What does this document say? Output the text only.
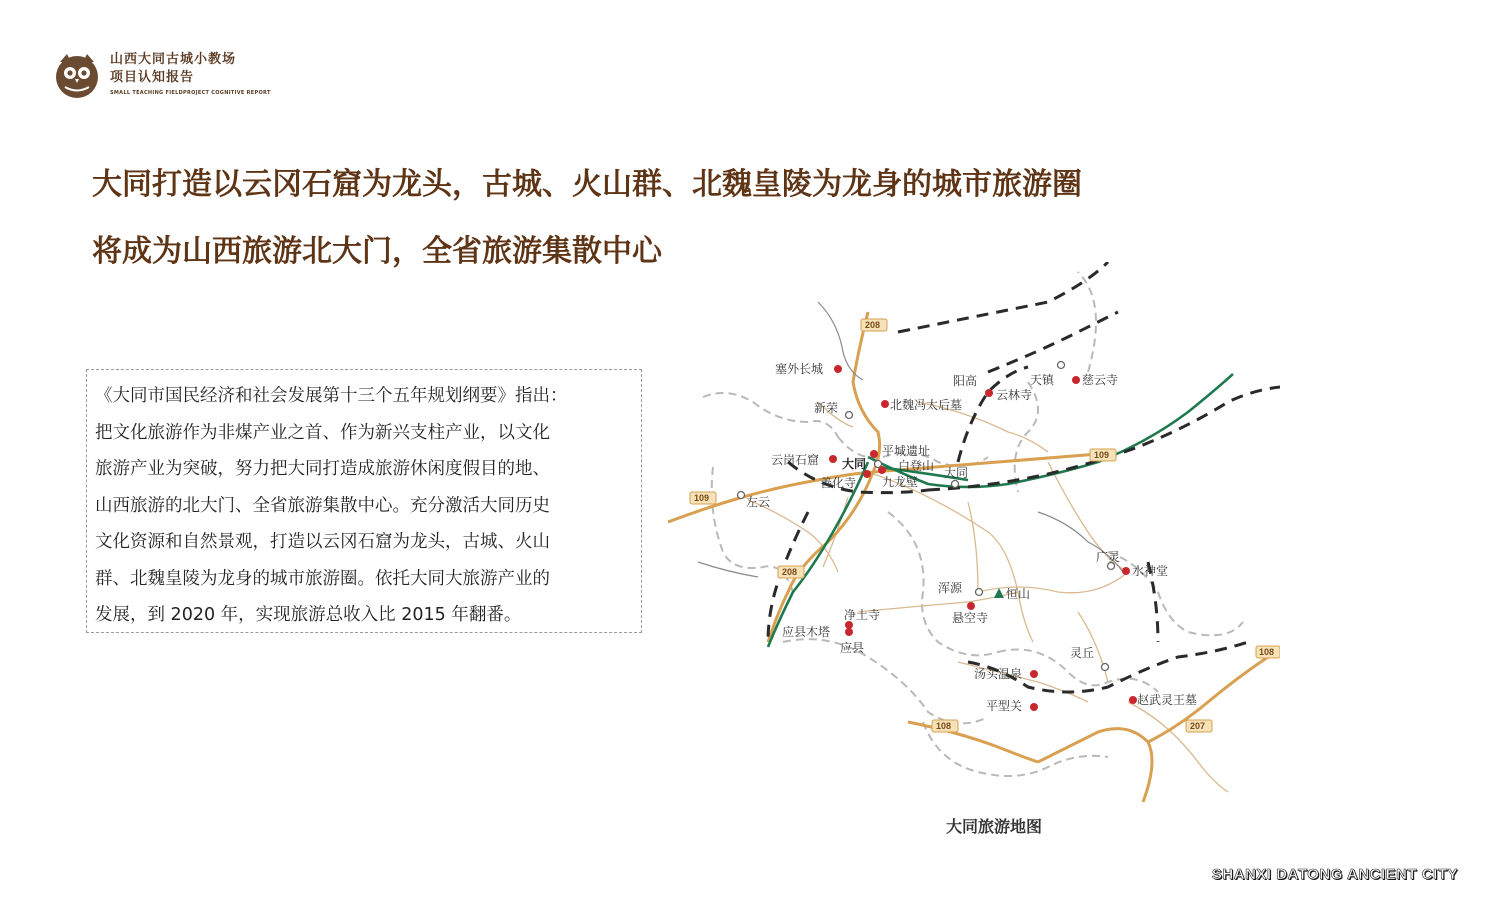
山西大同古城小教场
项目认知报告
SMALL TEACHING FIELDPROJECT COGNITIVE REPORT
大同打造以云冈石窟为龙头，古城、火山群、北魏皇陵为龙身的城市旅游圈
将成为山西旅游北大门，全省旅游集散中心

《大同市国民经济和社会发展第十三个五年规划纲要》指出：

把文化旅游作为非煤产业之首、作为新兴支柱产业，以文化

旅游产业为突破，努力把大同打造成旅游休闲度假目的地、

山西旅游的北大门、全省旅游集散中心。充分激活大同历史

文化资源和自然景观，打造以云冈石窟为龙头，古城、火山

群、北魏皇陵为龙身的城市旅游圈。依托大同大旅游产业的

发展，到 2020 年，实现旅游总收入比 2015 年翻番。

208
208
109
109
108
108
207
塞外长城
新荣	北魏冯太后墓
阳高	天镇 慈云寺
云林寺
云岗石窟 大同
平城遗址
白登山
善化寺 九龙壁
大同
左云
广灵
水神堂
浑源	恒山
悬空寺
净土寺
应县木塔
应县	灵丘
汤头温泉
赵武灵王墓
平型关
大同旅游地图
SHANXI DATONG ANCIENT CITY
